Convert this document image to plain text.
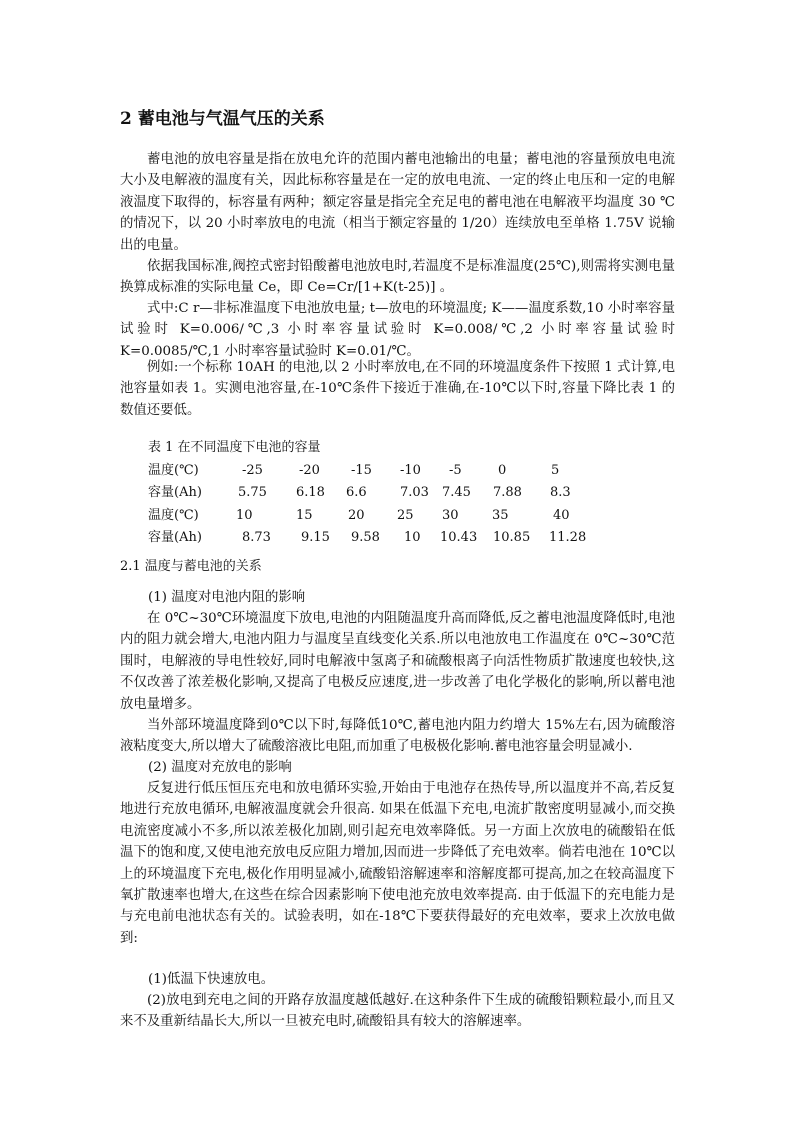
2 蓄电池与气温气压的关系
蓄电池的放电容量是指在放电允许的范围内蓄电池输出的电量；蓄电池的容量预放电电流大小及电解液的温度有关，因此标称容量是在一定的放电电流、一定的终止电压和一定的电解液温度下取得的，标容量有两种；额定容量是指完全充足电的蓄电池在电解液平均温度 30 ℃的情况下，以 20 小时率放电的电流（相当于额定容量的 1/20）连续放电至单格 1.75V 说输出的电量。
依据我国标准,阀控式密封铅酸蓄电池放电时,若温度不是标准温度(25℃),则需将实测电量换算成标准的实际电量 Ce，即 Ce=Cr/[1+K(t-25)] 。
式中:C r—非标准温度下电池放电量; t—放电的环境温度; K——温度系数,10 小时率容量试验时 K=0.006/℃,3 小时率容量试验时 K=0.008/℃,2 小时率容量试验时 K=0.0085/℃,1 小时率容量试验时 K=0.01/℃。
例如:一个标称 10AH 的电池,以 2 小时率放电,在不同的环境温度条件下按照 1 式计算,电池容量如表 1。实测电池容量,在-10℃条件下接近于准确,在-10℃以下时,容量下降比表 1 的数值还要低。
表 1 在不同温度下电池的容量
温度(℃)	-25	-20 -15 -10 -5	0	5
容量(Ah)	5.75 6.18 6.6	7.03 7.45 7.88 8.3
温度(℃)	10	15	20 25 30	35	40
容量(Ah)	8.73 9.15 9.58 10 10.43 10.85 11.28
2.1 温度与蓄电池的关系
(1) 温度对电池内阻的影响
在 0℃~30℃环境温度下放电,电池的内阻随温度升高而降低,反之蓄电池温度降低时,电池内的阻力就会增大,电池内阻力与温度呈直线变化关系.所以电池放电工作温度在 0℃~30℃范围时，电解液的导电性较好,同时电解液中氢离子和硫酸根离子向活性物质扩散速度也较快,这不仅改善了浓差极化影响,又提高了电极反应速度,进一步改善了电化学极化的影响,所以蓄电池放电量增多。
当外部环境温度降到0℃以下时,每降低10℃,蓄电池内阻力约增大 15%左右,因为硫酸溶液粘度变大,所以增大了硫酸溶液比电阻,而加重了电极极化影响.蓄电池容量会明显减小.
(2) 温度对充放电的影响
反复进行低压恒压充电和放电循环实验,开始由于电池存在热传导,所以温度并不高,若反复地进行充放电循环,电解液温度就会升很高. 如果在低温下充电,电流扩散密度明显减小,而交换电流密度减小不多,所以浓差极化加剧,则引起充电效率降低。另一方面上次放电的硫酸铅在低温下的饱和度,又使电池充放电反应阻力增加,因而进一步降低了充电效率。倘若电池在 10℃以上的环境温度下充电,极化作用明显减小,硫酸铅溶解速率和溶解度都可提高,加之在较高温度下氧扩散速率也增大,在这些在综合因素影响下使电池充放电效率提高. 由于低温下的充电能力是与充电前电池状态有关的。试验表明，如在-18℃下要获得最好的充电效率，要求上次放电做到:
(1)低温下快速放电。
(2)放电到充电之间的开路存放温度越低越好.在这种条件下生成的硫酸铅颗粒最小,而且又来不及重新结晶长大,所以一旦被充电时,硫酸铅具有较大的溶解速率。
